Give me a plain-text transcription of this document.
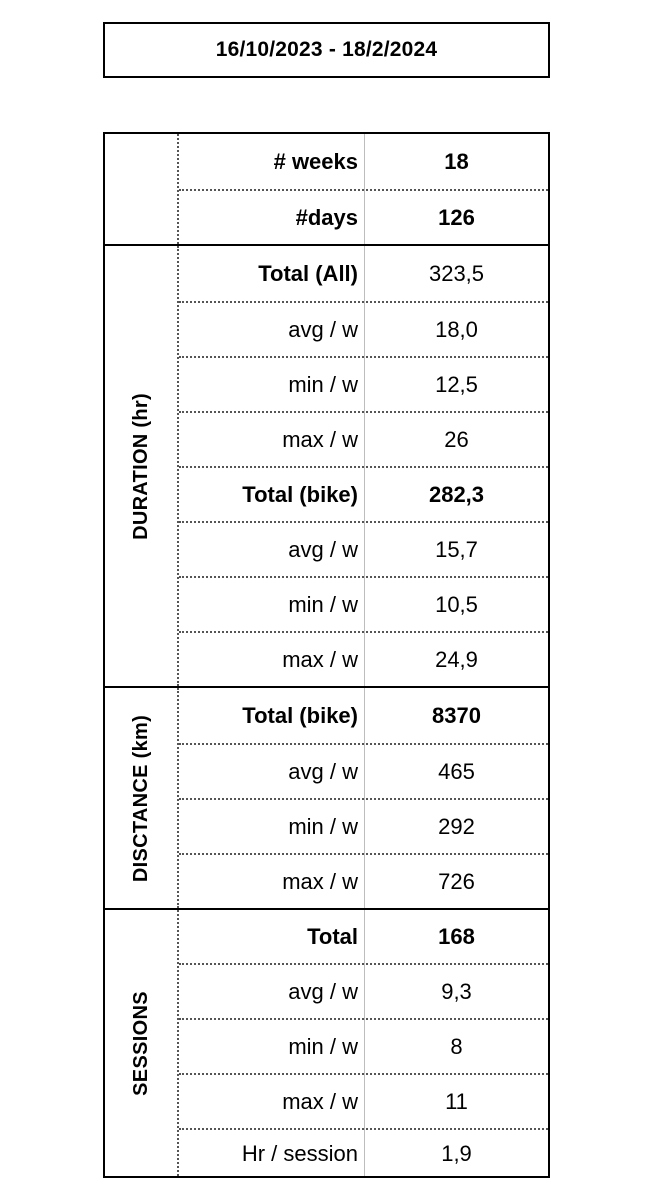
16/10/2023 - 18/2/2024
# weeks	18
#days	126
DURATION (hr)
Total (All)	323,5
avg / w	18,0
min / w	12,5
max / w	26
Total (bike)	282,3
avg / w	15,7
min / w	10,5
max / w	24,9
DISCTANCE (km)	Total (bike)	8370
avg / w	465
min / w	292
max / w	726
SESSIONS
Total	168
avg / w	9,3
min / w	8
max / w	11
Hr / session	1,9
